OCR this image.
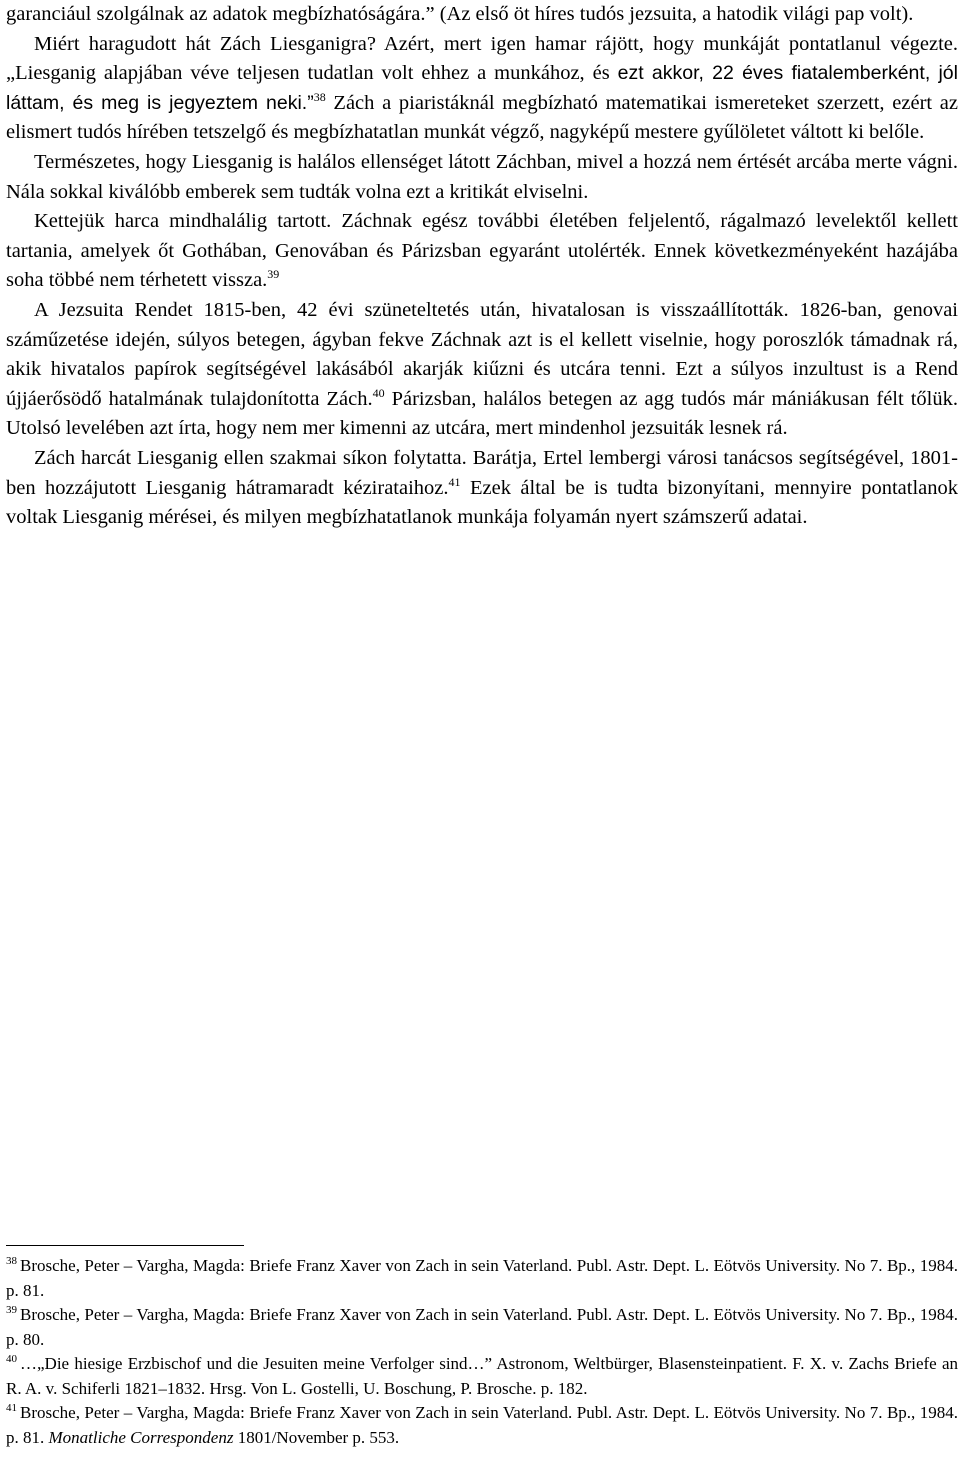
garanciául szolgálnak az adatok megbízhatóságára.” (Az első öt híres tudós jezsuita, a hatodik világi pap volt).

Miért haragudott hát Zách Liesganigra? Azért, mert igen hamar rájött, hogy munkáját pontatlanul végezte. „Liesganig alapjában véve teljesen tudatlan volt ehhez a munkához, és ezt akkor, 22 éves fiatalemberként, jól láttam, és meg is jegyeztem neki.”$^{38}$ Zách a piaristáknál megbízható matematikai ismereteket szerzett, ezért az elismert tudós hírében tetszelgő és megbízhatatlan munkát végző, nagyképű mestere gyűlöletet váltott ki belőle.

Természetes, hogy Liesganig is halálos ellenséget látott Záchban, mivel a hozzá nem értését arcába merte vágni. Nála sokkal kiválóbb emberek sem tudták volna ezt a kritikát elviselni.

Kettejük harca mindhalálig tartott. Záchnak egész további életében feljelentő, rágalmazó levelektől kellett tartania, amelyek őt Gothában, Genovában és Párizsban egyaránt utolérték. Ennek következményeként hazájába soha többé nem térhetett vissza.$^{39}$

A Jezsuita Rendet 1815-ben, 42 évi szüneteltetés után, hivatalosan is visszaállították. 1826-ban, genovai száműzetése idején, súlyos betegen, ágyban fekve Záchnak azt is el kellett viselnie, hogy poroszlók támadnak rá, akik hivatalos papírok segítségével lakásából akarják kiűzni és utcára tenni. Ezt a súlyos inzultust is a Rend újjáerősödő hatalmának tulajdonította Zách.$^{40}$ Párizsban, halálos betegen az agg tudós már mániákusan félt tőlük. Utolsó levelében azt írta, hogy nem mer kimenni az utcára, mert mindenhol jezsuiták lesnek rá.

Zách harcát Liesganig ellen szakmai síkon folytatta. Barátja, Ertel lembergi városi tanácsos segítségével, 1801-ben hozzájutott Liesganig hátramaradt kézirataihoz.$^{41}$ Ezek által be is tudta bizonyítani, mennyire pontatlanok voltak Liesganig mérései, és milyen megbízhatatlanok munkája folyamán nyert számszerű adatai.

$^{38}$ Brosche, Peter – Vargha, Magda: Briefe Franz Xaver von Zach in sein Vaterland. Publ. Astr. Dept. L. Eötvös University. No 7. Bp., 1984. p. 81.

$^{39}$ Brosche, Peter – Vargha, Magda: Briefe Franz Xaver von Zach in sein Vaterland. Publ. Astr. Dept. L. Eötvös University. No 7. Bp., 1984. p. 80.

$^{40}$ …„Die hiesige Erzbischof und die Jesuiten meine Verfolger sind…” Astronom, Weltbürger, Blasensteinpatient. F. X. v. Zachs Briefe an R. A. v. Schiferli 1821–1832. Hrsg. Von L. Gostelli, U. Boschung, P. Brosche. p. 182.

$^{41}$ Brosche, Peter – Vargha, Magda: Briefe Franz Xaver von Zach in sein Vaterland. Publ. Astr. Dept. L. Eötvös University. No 7. Bp., 1984. p. 81. Monatliche Correspondenz 1801/November p. 553.
